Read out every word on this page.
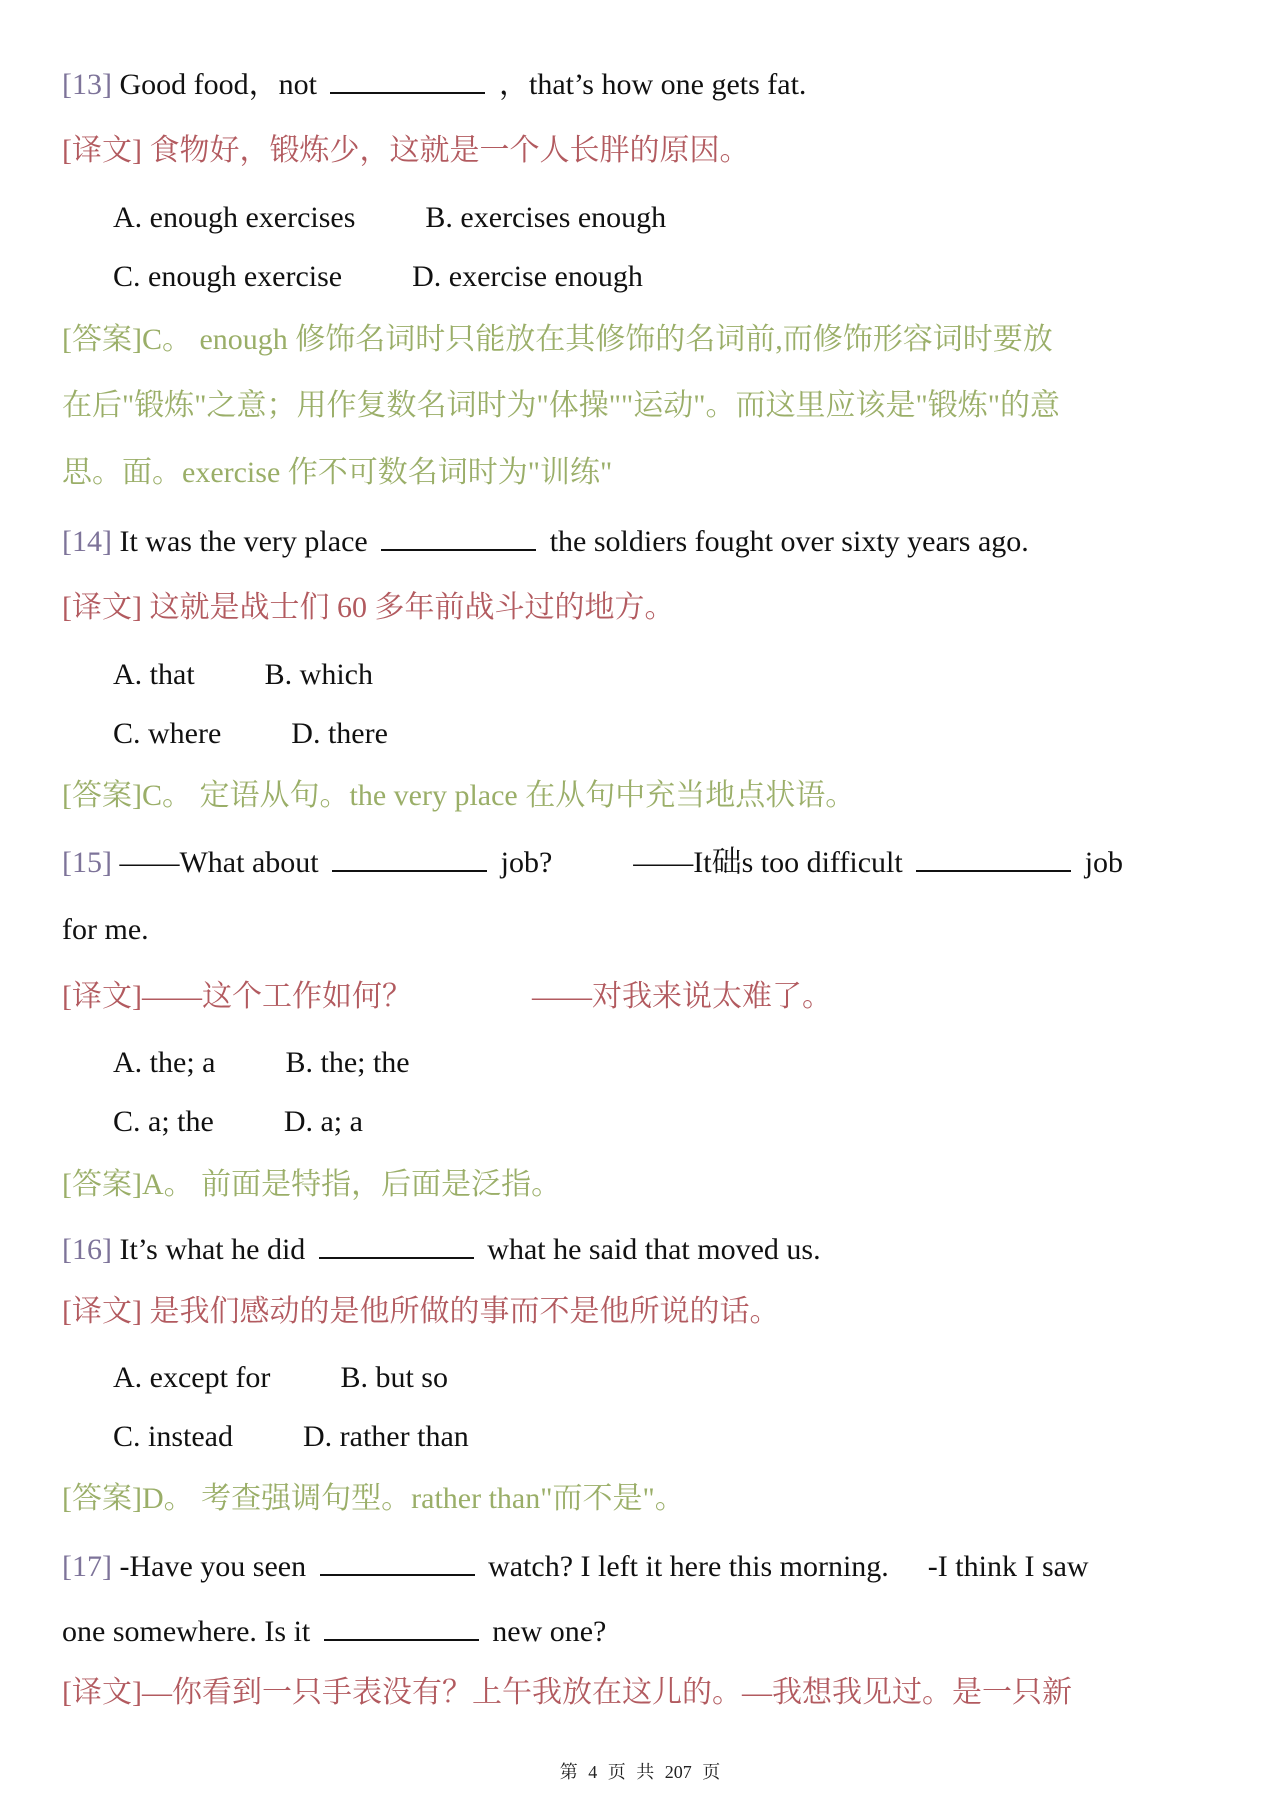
[13] Good food，not	，that’s how one gets fat.
[译文] 食物好，锻炼少，这就是一个人长胖的原因。
A. enough exercises B. exercises enough
C. enough exercise D. exercise enough
[答案]C。 enough 修饰名词时只能放在其修饰的名词前,而修饰形容词时要放
在后"锻炼"之意；用作复数名词时为"体操""运动"。而这里应该是"锻炼"的意
思。面。exercise 作不可数名词时为"训练"
[14] It was the very place	the soldiers fought over sixty years ago.
[译文] 这就是战士们 60 多年前战斗过的地方。
A. that B. which
C. where D. there
[答案]C。 定语从句。the very place 在从句中充当地点状语。
[15] ——What about	job?	——It础s too difficult	job
for me.
[译文]——这个工作如何？	——对我来说太难了。
A. the; a B. the; the
C. a; the D. a; a
[答案]A。 前面是特指，后面是泛指。
[16] It’s what he did	what he said that moved us.
[译文] 是我们感动的是他所做的事而不是他所说的话。
A. except for B. but so
C. instead D. rather than
[答案]D。 考查强调句型。rather than"而不是"。
[17] -Have you seen	watch? I left it here this morning. -I think I saw
one somewhere. Is it	new one?
[译文]—你看到一只手表没有？上午我放在这儿的。—我想我见过。是一只新
第 4 页 共 207 页
